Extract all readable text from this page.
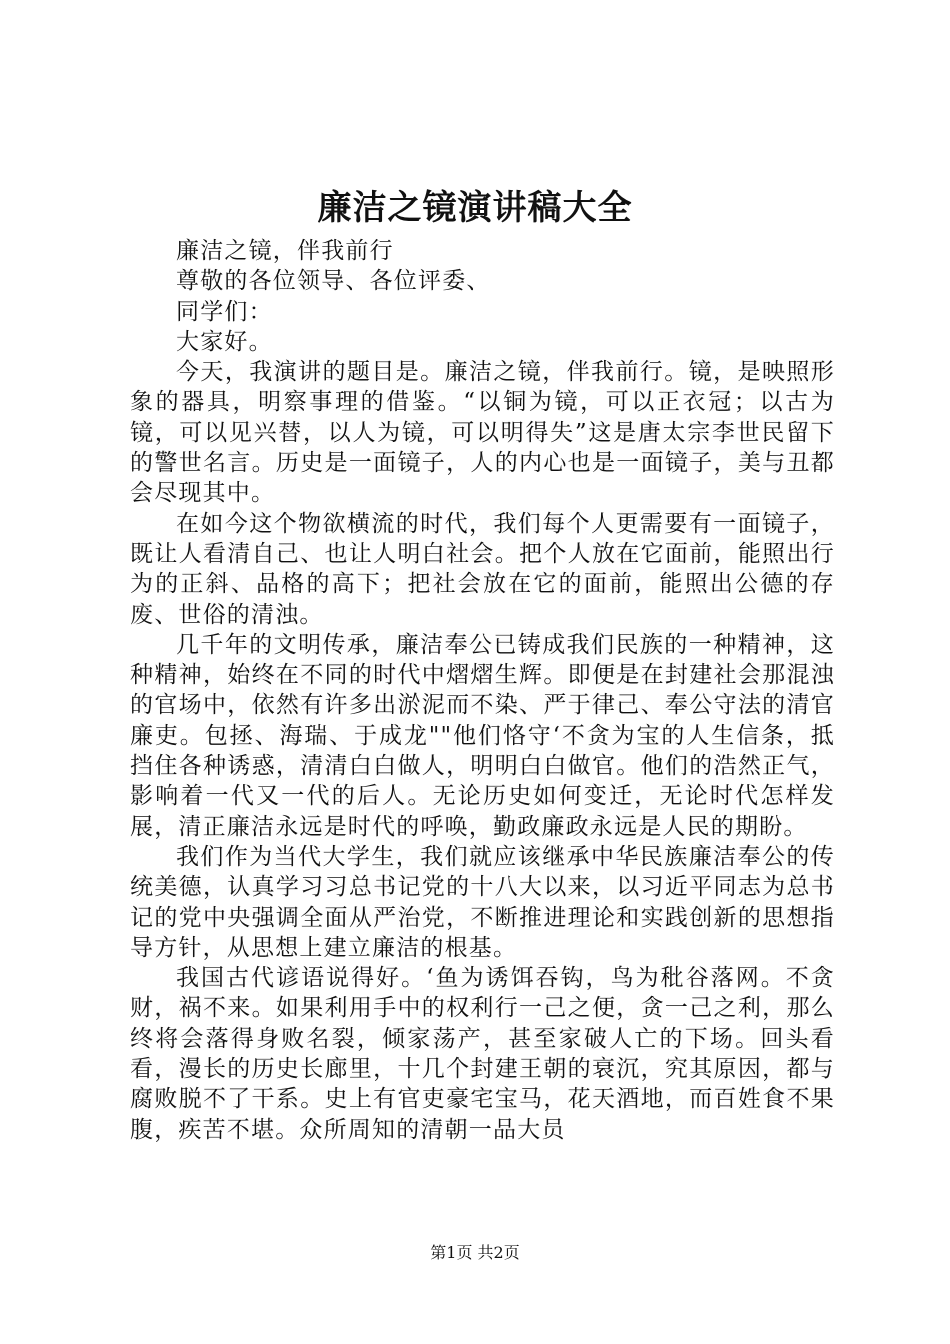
廉洁之镜演讲稿大全

廉洁之镜，伴我前行

尊敬的各位领导、各位评委、

同学们：

大家好。

今天，我演讲的题目是。廉洁之镜，伴我前行。镜，是映照形象的器具，明察事理的借鉴。“以铜为镜，可以正衣冠；以古为镜，可以见兴替，以人为镜，可以明得失”这是唐太宗李世民留下的警世名言。历史是一面镜子，人的内心也是一面镜子，美与丑都会尽现其中。

在如今这个物欲横流的时代，我们每个人更需要有一面镜子，既让人看清自己、也让人明白社会。把个人放在它面前，能照出行为的正斜、品格的高下；把社会放在它的面前，能照出公德的存废、世俗的清浊。

几千年的文明传承，廉洁奉公已铸成我们民族的一种精神，这种精神，始终在不同的时代中熠熠生辉。即便是在封建社会那混浊的官场中，依然有许多出淤泥而不染、严于律己、奉公守法的清官廉吏。包拯、海瑞、于成龙""他们恪守‘不贪为宝的人生信条，抵挡住各种诱惑，清清白白做人，明明白白做官。他们的浩然正气，影响着一代又一代的后人。无论历史如何变迁，无论时代怎样发展，清正廉洁永远是时代的呼唤，勤政廉政永远是人民的期盼。

我们作为当代大学生，我们就应该继承中华民族廉洁奉公的传统美德，认真学习习总书记党的十八大以来，以习近平同志为总书记的党中央强调全面从严治党，不断推进理论和实践创新的思想指导方针，从思想上建立廉洁的根基。

我国古代谚语说得好。‘鱼为诱饵吞钩，鸟为秕谷落网。不贪财，祸不来。如果利用手中的权利行一己之便，贪一己之利，那么终将会落得身败名裂，倾家荡产，甚至家破人亡的下场。回头看看，漫长的历史长廊里，十几个封建王朝的衰沉，究其原因，都与腐败脱不了干系。史上有官吏豪宅宝马，花天酒地，而百姓食不果腹，疾苦不堪。众所周知的清朝一品大员

第1页 共2页
